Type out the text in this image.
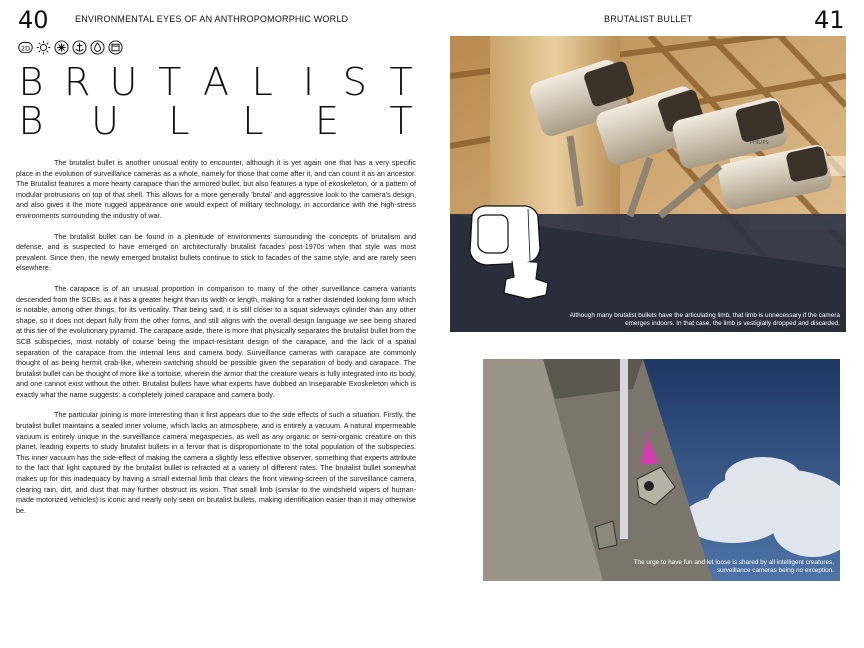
40	ENVIRONMENTAL EYES OF AN ANTHROPOMORPHIC WORLD	BRUTALIST BULLET	41
2D
B R U T A L I S T
B U L L E T

The brutalist bullet is another unusual entity to encounter, although it is yet again one that has a very specific place in the evolution of surveillance cameras as a whole, namely for those that come after it, and can count it as an ancestor. The Brutalist features a more hearty carapace than the armored bullet, but also features a type of exoskeleton, or a pattern of modular protrusions on top of that shell. This allows for a more generally 'brutal' and aggressive look to the camera's design, and also gives it the more rugged appearance one would expect of military technology, in accordance with the high-stress environments surrounding the industry of war.

The brutalist bullet can be found in a plenitude of environments surrounding the concepts of brutalism and defense, and is suspected to have emerged on architecturally brutalist facades post-1970s when that style was most prevalent. Since then, the newly emerged brutalist bullets continue to stick to facades of the same style, and are rarely seen elsewhere.

The carapace is of an unusual proportion in comparison to many of the other surveillance camera variants descended from the SCBs, as it has a greater height than its width or length, making for a rather distended looking form which is notable, among other things, for its verticality. That being said, it is still closer to a squat sideways cylinder than any other shape, so it does not depart fully from the other forms, and still aligns with the overall design language we see being shared at this tier of the evolutionary pyramid. The carapace aside, there is more that physically separates the brutalist bullet from the SCB subspecies, most notably of course being the impact-resistant design of the carapace, and the lack of a spatial separation of the carapace from the internal lens and camera body. Surveillance cameras with carapace are commonly thought of as being hermit crab-like, wherein switching should be possible given the separation of body and carapace. The brutalist bullet can be thought of more like a tortoise, wherein the armor that the creature wears is fully integrated into its body, and one cannot exist without the other. Brutalist bullets have what experts have dubbed an Inseparable Exoskeleton which is exactly what the name suggests: a completely joined carapace and camera body.

The particular joining is more interesting than it first appears due to the side effects of such a situation. Firstly, the brutalist bullet maintains a sealed inner volume, which lacks an atmosphere, and is entirely a vacuum. A natural impermeable vacuum is entirely unique in the surveillance camera megaspecies, as well as any organic or semi-organic creature on this planet, leading experts to study brutalist bullets in a fervor that is disproportionate to the total population of the subspecies. This inner vacuum has the side-effect of making the camera a slightly less effective observer, something that experts attribute to the fact that light captured by the brutalist bullet is refracted at a variety of different rates. The brutalist bullet somewhat makes up for this inadequacy by having a small external limb that clears the front viewing-screen of the surveillance camera, clearing rain, dirt, and dust that may further obstruct its vision. That small limb (similar to the windshield wipers of human-made motorized vehicles) is iconic and nearly only seen on brutalist bullets, making identification easier than it may otherwise be.

PHILIPS
Although many brutalist bullets have the articulating limb, that limb is unnecessary if the camera emerges indoors. In that case, the limb is vestigially dropped and discarded.
The urge to have fun and let loose is shared by all intelligent creatures, surveillance cameras being no exception.
